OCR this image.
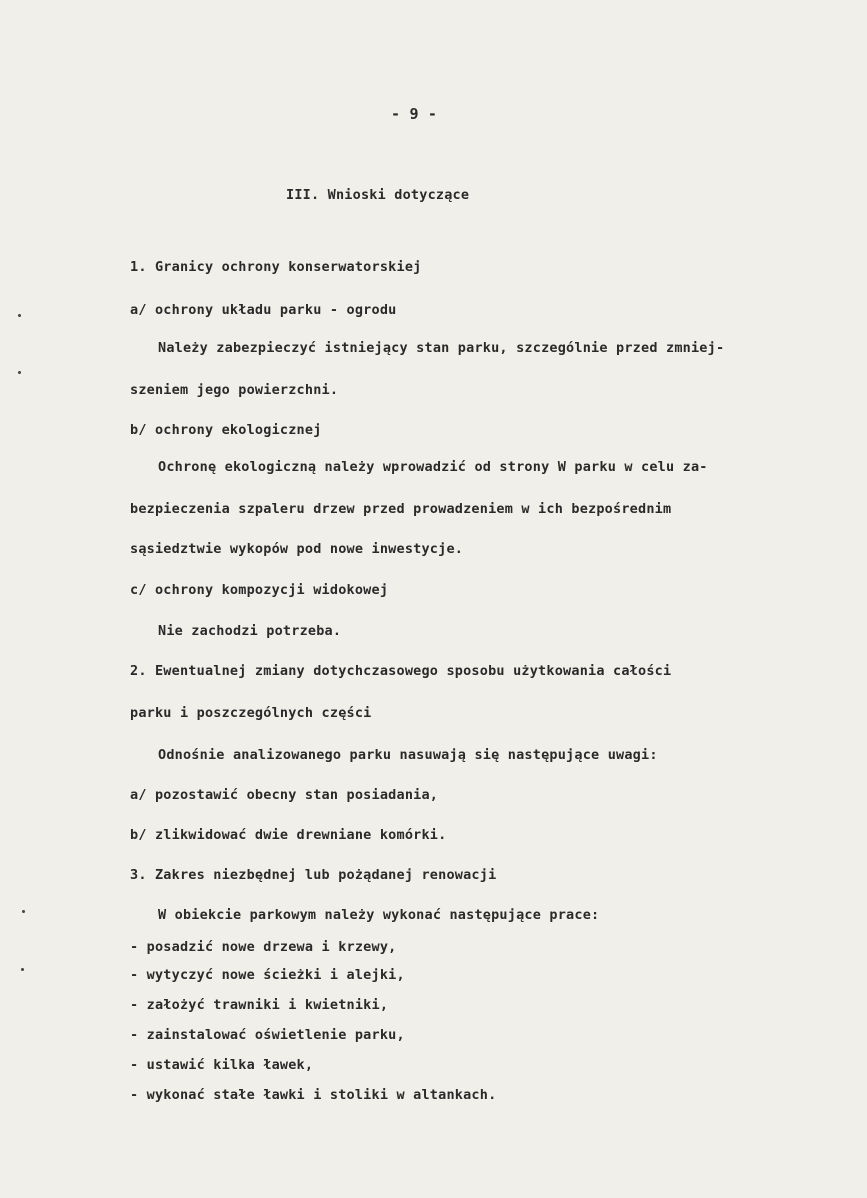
- 9 -
III. Wnioski dotyczące
1. Granicy ochrony konserwatorskiej
a/ ochrony układu parku - ogrodu
Należy zabezpieczyć istniejący stan parku, szczególnie przed zmniej-
szeniem jego powierzchni.
b/ ochrony ekologicznej
Ochronę ekologiczną należy wprowadzić od strony W parku w celu za-
bezpieczenia szpaleru drzew przed prowadzeniem w ich bezpośrednim
sąsiedztwie wykopów pod nowe inwestycje.
c/ ochrony kompozycji widokowej
Nie zachodzi potrzeba.
2. Ewentualnej zmiany dotychczasowego sposobu użytkowania całości
parku i poszczególnych części
Odnośnie analizowanego parku nasuwają się następujące uwagi:
a/ pozostawić obecny stan posiadania,
b/ zlikwidować dwie drewniane komórki.
3. Zakres niezbędnej lub pożądanej renowacji
W obiekcie parkowym należy wykonać następujące prace:
- posadzić nowe drzewa i krzewy,
- wytyczyć nowe ścieżki i alejki,
- założyć trawniki i kwietniki,
- zainstalować oświetlenie parku,
- ustawić kilka ławek,
- wykonać stałe ławki i stoliki w altankach.
